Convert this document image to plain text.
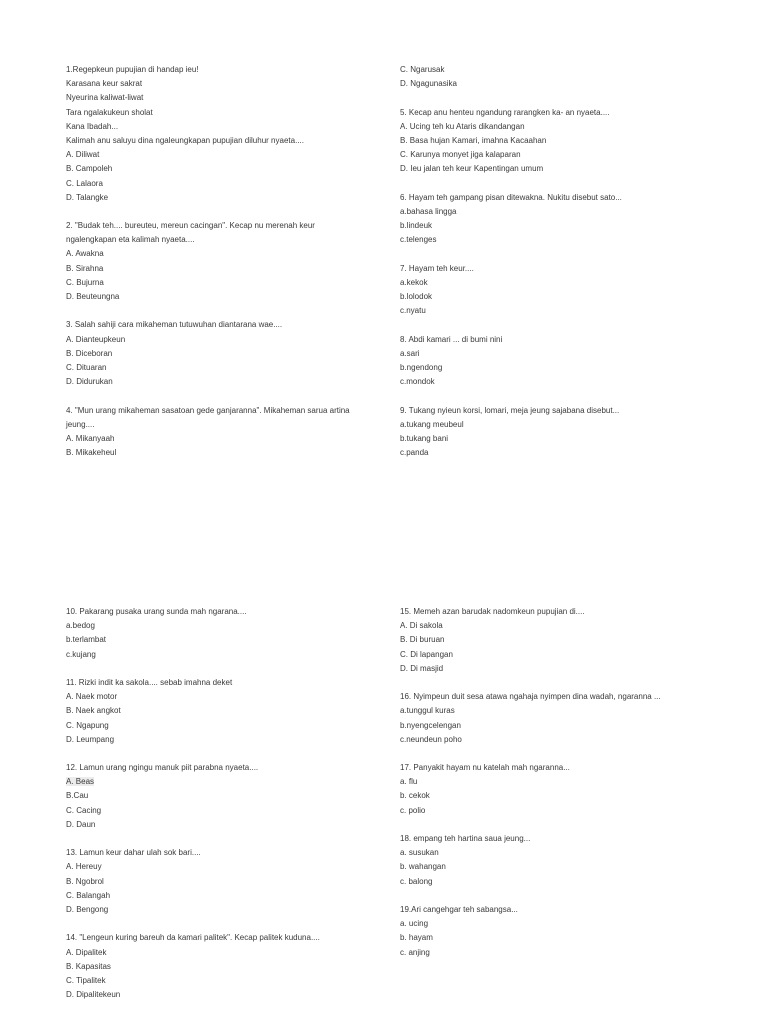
1.Regepkeun pupujian di handap ieu!
Karasana keur sakrat
Nyeurina kaliwat-liwat
Tara ngalakukeun sholat
Kana Ibadah...
Kalimah anu saluyu dina ngaleungkapan pupujian diluhur nyaeta....
A. Diliwat
B. Campoleh
C. Lalaora
D. Talangke
2. "Budak teh.... bureuteu, mereun cacingan". Kecap nu merenah keur
ngalengkapan eta kalimah nyaeta....
A. Awakna
B. Sirahna
C. Bujurna
D. Beuteungna
3. Salah sahiji cara mikaheman tutuwuhan diantarana wae....
A. Dianteupkeun
B. Diceboran
C. Dituaran
D. Didurukan
4. "Mun urang mikaheman sasatoan gede ganjaranna". Mikaheman sarua artina
jeung....
A. Mikanyaah
B. Mikakeheul
C. Ngarusak
D. Ngagunasika
5. Kecap anu henteu ngandung rarangken ka- an nyaeta....
A. Ucing teh ku Ataris dikandangan
B. Basa hujan Kamari, imahna Kacaahan
C. Karunya monyet jiga kalaparan
D. Ieu jalan teh keur Kapentingan umum
6. Hayam teh gampang pisan ditewakna. Nukitu disebut sato...
a.bahasa lingga
b.lindeuk
c.telenges
7. Hayam teh keur....
a.kekok
b.lolodok
c.nyatu
8. Abdi kamari ... di bumi nini
a.sari
b.ngendong
c.mondok
9. Tukang nyieun korsi, lomari, meja jeung sajabana disebut...
a.tukang meubeul
b.tukang bani
c.panda
10. Pakarang pusaka urang sunda mah ngarana....
a.bedog
b.terlambat
c.kujang
11. Rizki indit ka sakola.... sebab imahna deket
A. Naek motor
B. Naek angkot
C. Ngapung
D. Leumpang
12. Lamun urang ngingu manuk piit parabna nyaeta....
A. Beas
B.Cau
C. Cacing
D. Daun
13. Lamun keur dahar ulah sok bari....
A. Hereuy
B. Ngobrol
C. Balangah
D. Bengong
14. "Lengeun kuring bareuh da kamari palitek". Kecap palitek kuduna....
A. Dipalitek
B. Kapasitas
C. Tipalitek
D. Dipalitekeun
15. Memeh azan barudak nadomkeun pupujian di....
A. Di sakola
B. Di buruan
C. Di lapangan
D. Di masjid
16. Nyimpeun duit sesa atawa ngahaja nyimpen dina wadah, ngaranna ...
a.tunggul kuras
b.nyengcelengan
c.neundeun poho
17. Panyakit hayam nu katelah mah ngaranna...
a. flu
b. cekok
c. polio
18. empang teh hartina saua jeung...
a. susukan
b. wahangan
c. balong
19.Ari cangehgar teh sabangsa...
a. ucing
b. hayam
c. anjing
